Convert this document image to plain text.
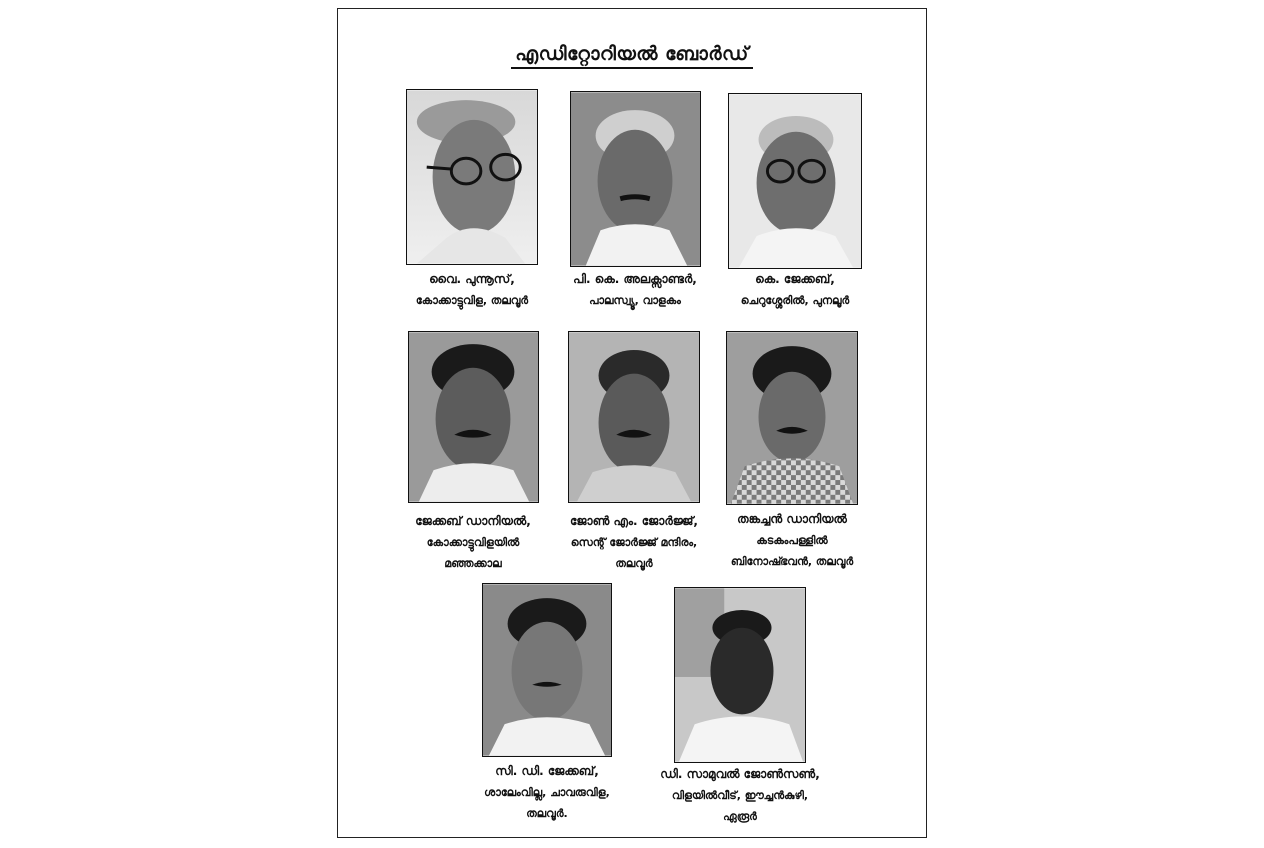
എഡിറ്റോറിയൽ ബോർഡ്
വൈ. പുന്നൂസ്,
കോക്കാട്ടുവിള, തലവൂർ
പി. കെ. അലക്സാണ്ടർ,
പാലസ്വ്യൂ, വാളകം
കെ. ജേക്കബ്,
ചെറുശ്ശേരിൽ, പുനലൂർ
ജേക്കബ് ഡാനിയൽ,
കോക്കാട്ടുവിളയിൽ
മഞ്ഞക്കാല
ജോൺ എം. ജോർജ്ജ്,
സെന്റ് ജോർജ്ജ് മന്ദിരം,
തലവൂർ
തങ്കച്ചൻ ഡാനിയൽ
കടകംപള്ളിൽ
ബിനോഷ്ഭവൻ, തലവൂർ
സി. ഡി. ജേക്കബ്,
ശാലേംവില്ല, ചാവരുവിള,
തലവൂർ.
ഡി. സാമുവൽ ജോൺസൺ,
വിളയിൽവീട്, ഈച്ചൻകുഴി,
ഏരൂർ
